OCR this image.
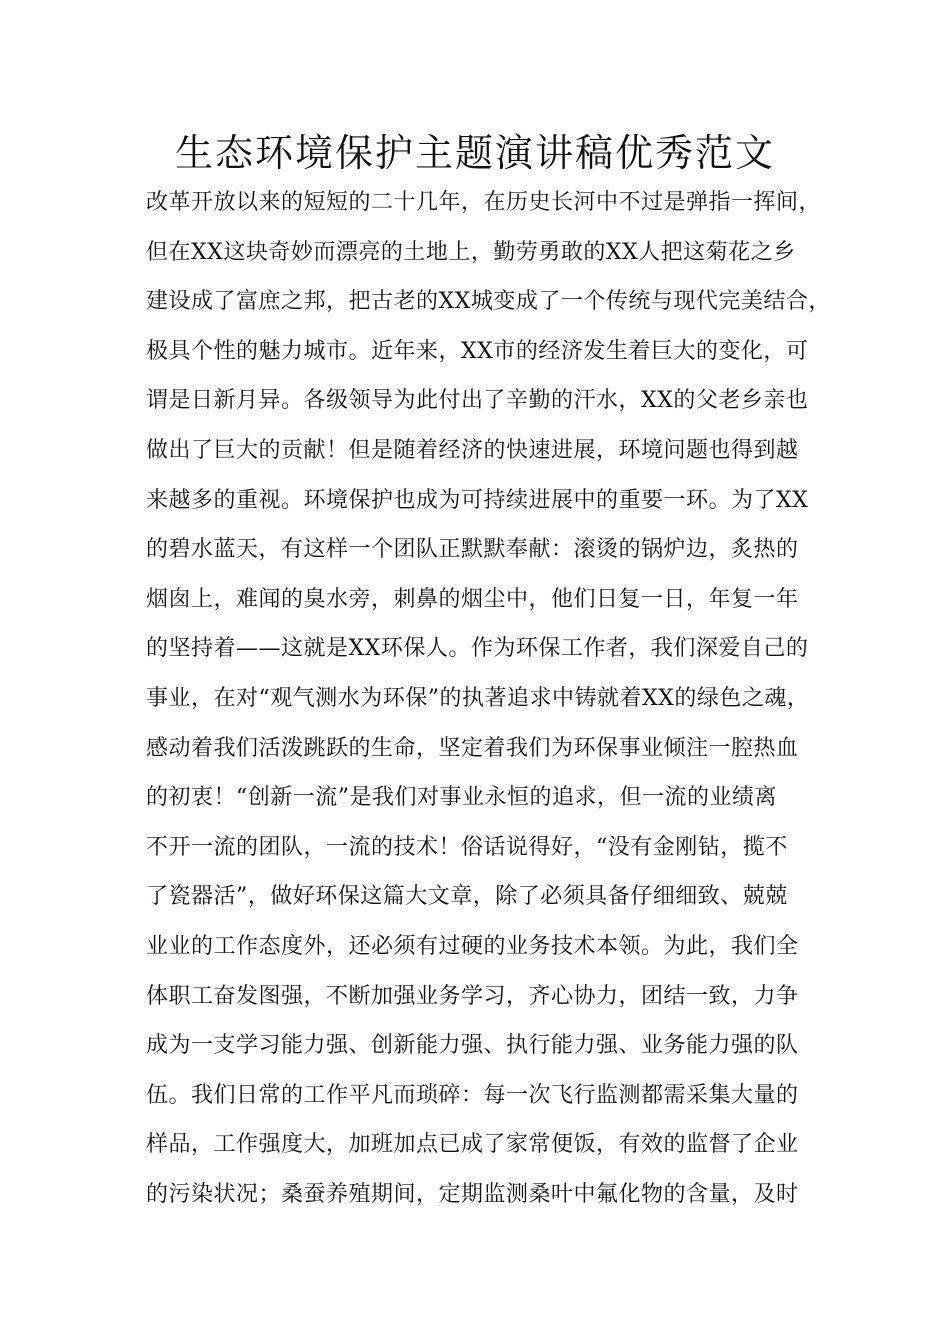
生态环境保护主题演讲稿优秀范文
改革开放以来的短短的二十几年，在历史长河中不过是弹指一挥间，
但在XX这块奇妙而漂亮的土地上，勤劳勇敢的XX人把这菊花之乡
建设成了富庶之邦，把古老的XX城变成了一个传统与现代完美结合，
极具个性的魅力城市。近年来，XX市的经济发生着巨大的变化，可
谓是日新月异。各级领导为此付出了辛勤的汗水，XX的父老乡亲也
做出了巨大的贡献！但是随着经济的快速进展，环境问题也得到越
来越多的重视。环境保护也成为可持续进展中的重要一环。为了XX
的碧水蓝天，有这样一个团队正默默奉献：滚烫的锅炉边，炙热的
烟囱上，难闻的臭水旁，刺鼻的烟尘中，他们日复一日，年复一年
的坚持着——这就是XX环保人。作为环保工作者，我们深爱自己的
事业，在对“观气测水为环保”的执著追求中铸就着XX的绿色之魂，
感动着我们活泼跳跃的生命，坚定着我们为环保事业倾注一腔热血
的初衷！“创新一流”是我们对事业永恒的追求，但一流的业绩离
不开一流的团队，一流的技术！俗话说得好，“没有金刚钻，揽不
了瓷器活”，做好环保这篇大文章，除了必须具备仔细细致、兢兢
业业的工作态度外，还必须有过硬的业务技术本领。为此，我们全
体职工奋发图强，不断加强业务学习，齐心协力，团结一致，力争
成为一支学习能力强、创新能力强、执行能力强、业务能力强的队
伍。我们日常的工作平凡而琐碎：每一次飞行监测都需采集大量的
样品，工作强度大，加班加点已成了家常便饭，有效的监督了企业
的污染状况；桑蚕养殖期间，定期监测桑叶中氟化物的含量，及时
